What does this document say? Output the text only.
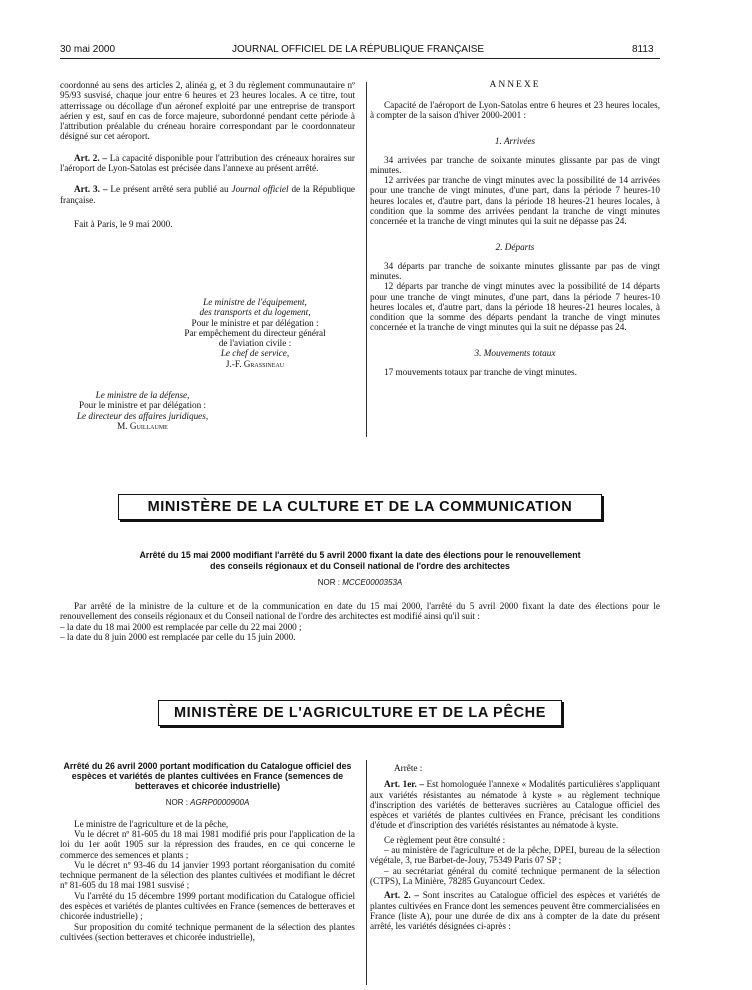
30 mai 2000	JOURNAL OFFICIEL DE LA RÉPUBLIQUE FRANÇAISE	8113

coordonné au sens des articles 2, alinéa g, et 3 du règlement communautaire nº 95/93 susvisé, chaque jour entre 6 heures et 23 heures locales. A ce titre, tout atterrissage ou décollage d'un aéronef exploité par une entreprise de transport aérien y est, sauf en cas de force majeure, subordonné pendant cette période à l'attribution préalable du créneau horaire correspondant par le coordonnateur désigné sur cet aéroport.

Art. 2. – La capacité disponible pour l'attribution des créneaux horaires sur l'aéroport de Lyon-Satolas est précisée dans l'annexe au présent arrêté.

Art. 3. – Le présent arrêté sera publié au Journal officiel de la République française.

Fait à Paris, le 9 mai 2000.

Le ministre de l'équipement,
des transports et du logement,
Pour le ministre et par délégation :
Par empêchement du directeur général
de l'aviation civile :
Le chef de service,
J.-F. Grassineau
Le ministre de la défense,
Pour le ministre et par délégation :
Le directeur des affaires juridiques,
M. Guillaume
ANNEXE

Capacité de l'aéroport de Lyon-Satolas entre 6 heures et 23 heures locales, à compter de la saison d'hiver 2000-2001 :

1. Arrivées

34 arrivées par tranche de soixante minutes glissante par pas de vingt minutes.

12 arrivées par tranche de vingt minutes avec la possibilité de 14 arrivées pour une tranche de vingt minutes, d'une part, dans la période 7 heures-10 heures locales et, d'autre part, dans la période 18 heures-21 heures locales, à condition que la somme des arrivées pendant la tranche de vingt minutes concernée et la tranche de vingt minutes qui la suit ne dépasse pas 24.

2. Départs

34 départs par tranche de soixante minutes glissante par pas de vingt minutes.

12 départs par tranche de vingt minutes avec la possibilité de 14 départs pour une tranche de vingt minutes, d'une part, dans la période 7 heures-10 heures locales et, d'autre part, dans la période 18 heures-21 heures locales, à condition que la somme des départs pendant la tranche de vingt minutes concernée et la tranche de vingt minutes qui la suit ne dépasse pas 24.

3. Mouvements totaux

17 mouvements totaux par tranche de vingt minutes.

MINISTÈRE DE LA CULTURE ET DE LA COMMUNICATION
Arrêté du 15 mai 2000 modifiant l'arrêté du 5 avril 2000 fixant la date des élections pour le renouvellement
des conseils régionaux et du Conseil national de l'ordre des architectes
NOR : MCCE0000353A

Par arrêté de la ministre de la culture et de la communication en date du 15 mai 2000, l'arrêté du 5 avril 2000 fixant la date des élections pour le renouvellement des conseils régionaux et du Conseil national de l'ordre des architectes est modifié ainsi qu'il suit :

– la date du 18 mai 2000 est remplacée par celle du 22 mai 2000 ;

– la date du 8 juin 2000 est remplacée par celle du 15 juin 2000.

MINISTÈRE DE L'AGRICULTURE ET DE LA PÊCHE
Arrêté du 26 avril 2000 portant modification du Catalogue officiel des espèces et variétés de plantes cultivées en France (semences de betteraves et chicorée industrielle)
NOR : AGRP0000900A

Le ministre de l'agriculture et de la pêche,

Vu le décret nº 81-605 du 18 mai 1981 modifié pris pour l'application de la loi du 1er août 1905 sur la répression des fraudes, en ce qui concerne le commerce des semences et plants ;

Vu le décret nº 93-46 du 14 janvier 1993 portant réorganisation du comité technique permanent de la sélection des plantes cultivées et modifiant le décret nº 81-605 du 18 mai 1981 susvisé ;

Vu l'arrêté du 15 décembre 1999 portant modification du Catalogue officiel des espèces et variétés de plantes cultivées en France (semences de betteraves et chicorée industrielle) ;

Sur proposition du comité technique permanent de la sélection des plantes cultivées (section betteraves et chicorée industrielle),

Arrête :

Art. 1er. – Est homologuée l'annexe « Modalités particulières s'appliquant aux variétés résistantes au nématode à kyste » au règlement technique d'inscription des variétés de betteraves sucrières au Catalogue officiel des espèces et variétés de plantes cultivées en France, précisant les conditions d'étude et d'inscription des variétés résistantes au nématode à kyste.

Ce règlement peut être consulté :

– au ministère de l'agriculture et de la pêche, DPEI, bureau de la sélection végétale, 3, rue Barbet-de-Jouy, 75349 Paris 07 SP ;

– au secrétariat général du comité technique permanent de la sélection (CTPS), La Minière, 78285 Guyancourt Cedex.

Art. 2. – Sont inscrites au Catalogue officiel des espèces et variétés de plantes cultivées en France dont les semences peuvent être commercialisées en France (liste A), pour une durée de dix ans à compter de la date du présent arrêté, les variétés désignées ci-après :
